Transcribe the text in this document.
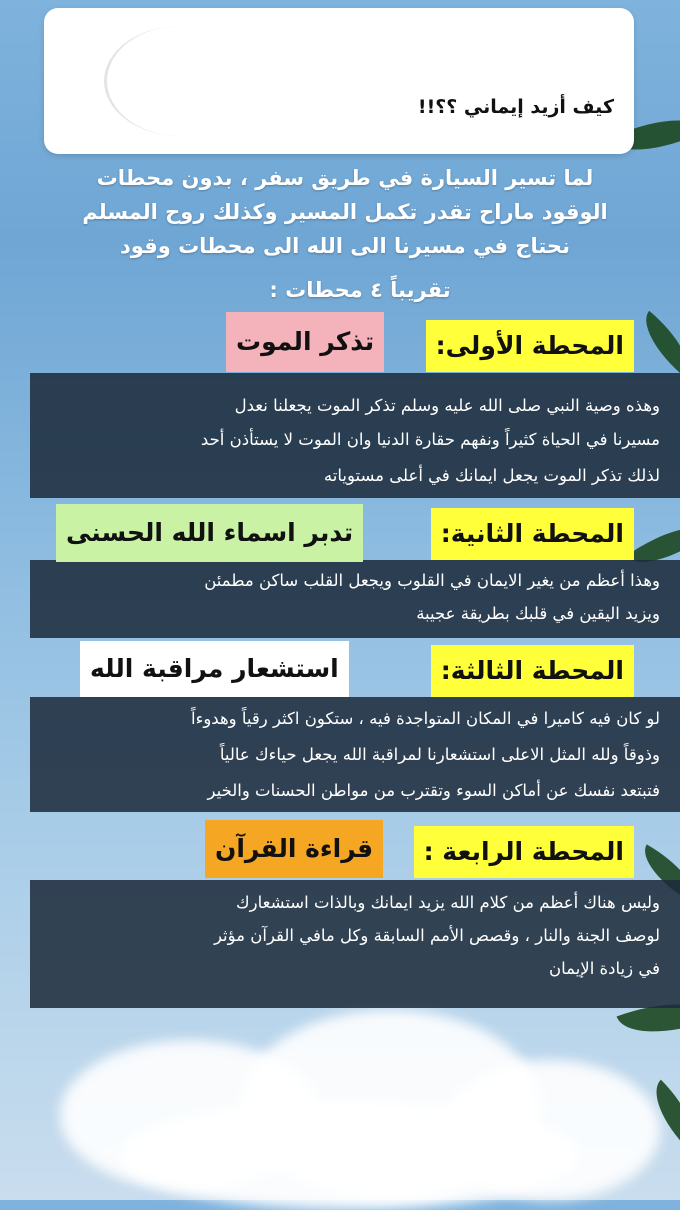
كيف أزيد إيماني ؟؟!!
لما تسير السيارة في طريق سفر ، بدون محطات
الوقود ماراح تقدر تكمل المسير وكذلك روح المسلم
نحتاج في مسيرنا الى الله الى محطات وقود
تقريباً ٤ محطات :
المحطة الأولى:
تذكر الموت
وهذه وصية النبي صلى الله عليه وسلم تذكر الموت يجعلنا نعدل
مسيرنا في الحياة كثيراً ونفهم حقارة الدنيا وان الموت لا يستأذن أحد
لذلك تذكر الموت يجعل ايمانك في أعلى مستوياته
المحطة الثانية:
تدبر اسماء الله الحسنى
وهذا أعظم من يغير الايمان في القلوب ويجعل القلب ساكن مطمئن
ويزيد اليقين في قلبك بطريقة عجيبة
المحطة الثالثة:
استشعار مراقبة الله
لو كان فيه كاميرا في المكان المتواجدة فيه ، ستكون اكثر رقياً وهدوءاً
وذوقاً ولله المثل الاعلى استشعارنا لمراقبة الله يجعل حياءك عالياً
فتبتعد نفسك عن أماكن السوء وتقترب من مواطن الحسنات والخير
المحطة الرابعة :
قراءة القرآن
وليس هناك أعظم من كلام الله يزيد ايمانك وبالذات استشعارك
لوصف الجنة والنار ، وقصص الأمم السابقة وكل مافي القرآن مؤثر
في زيادة الإيمان
